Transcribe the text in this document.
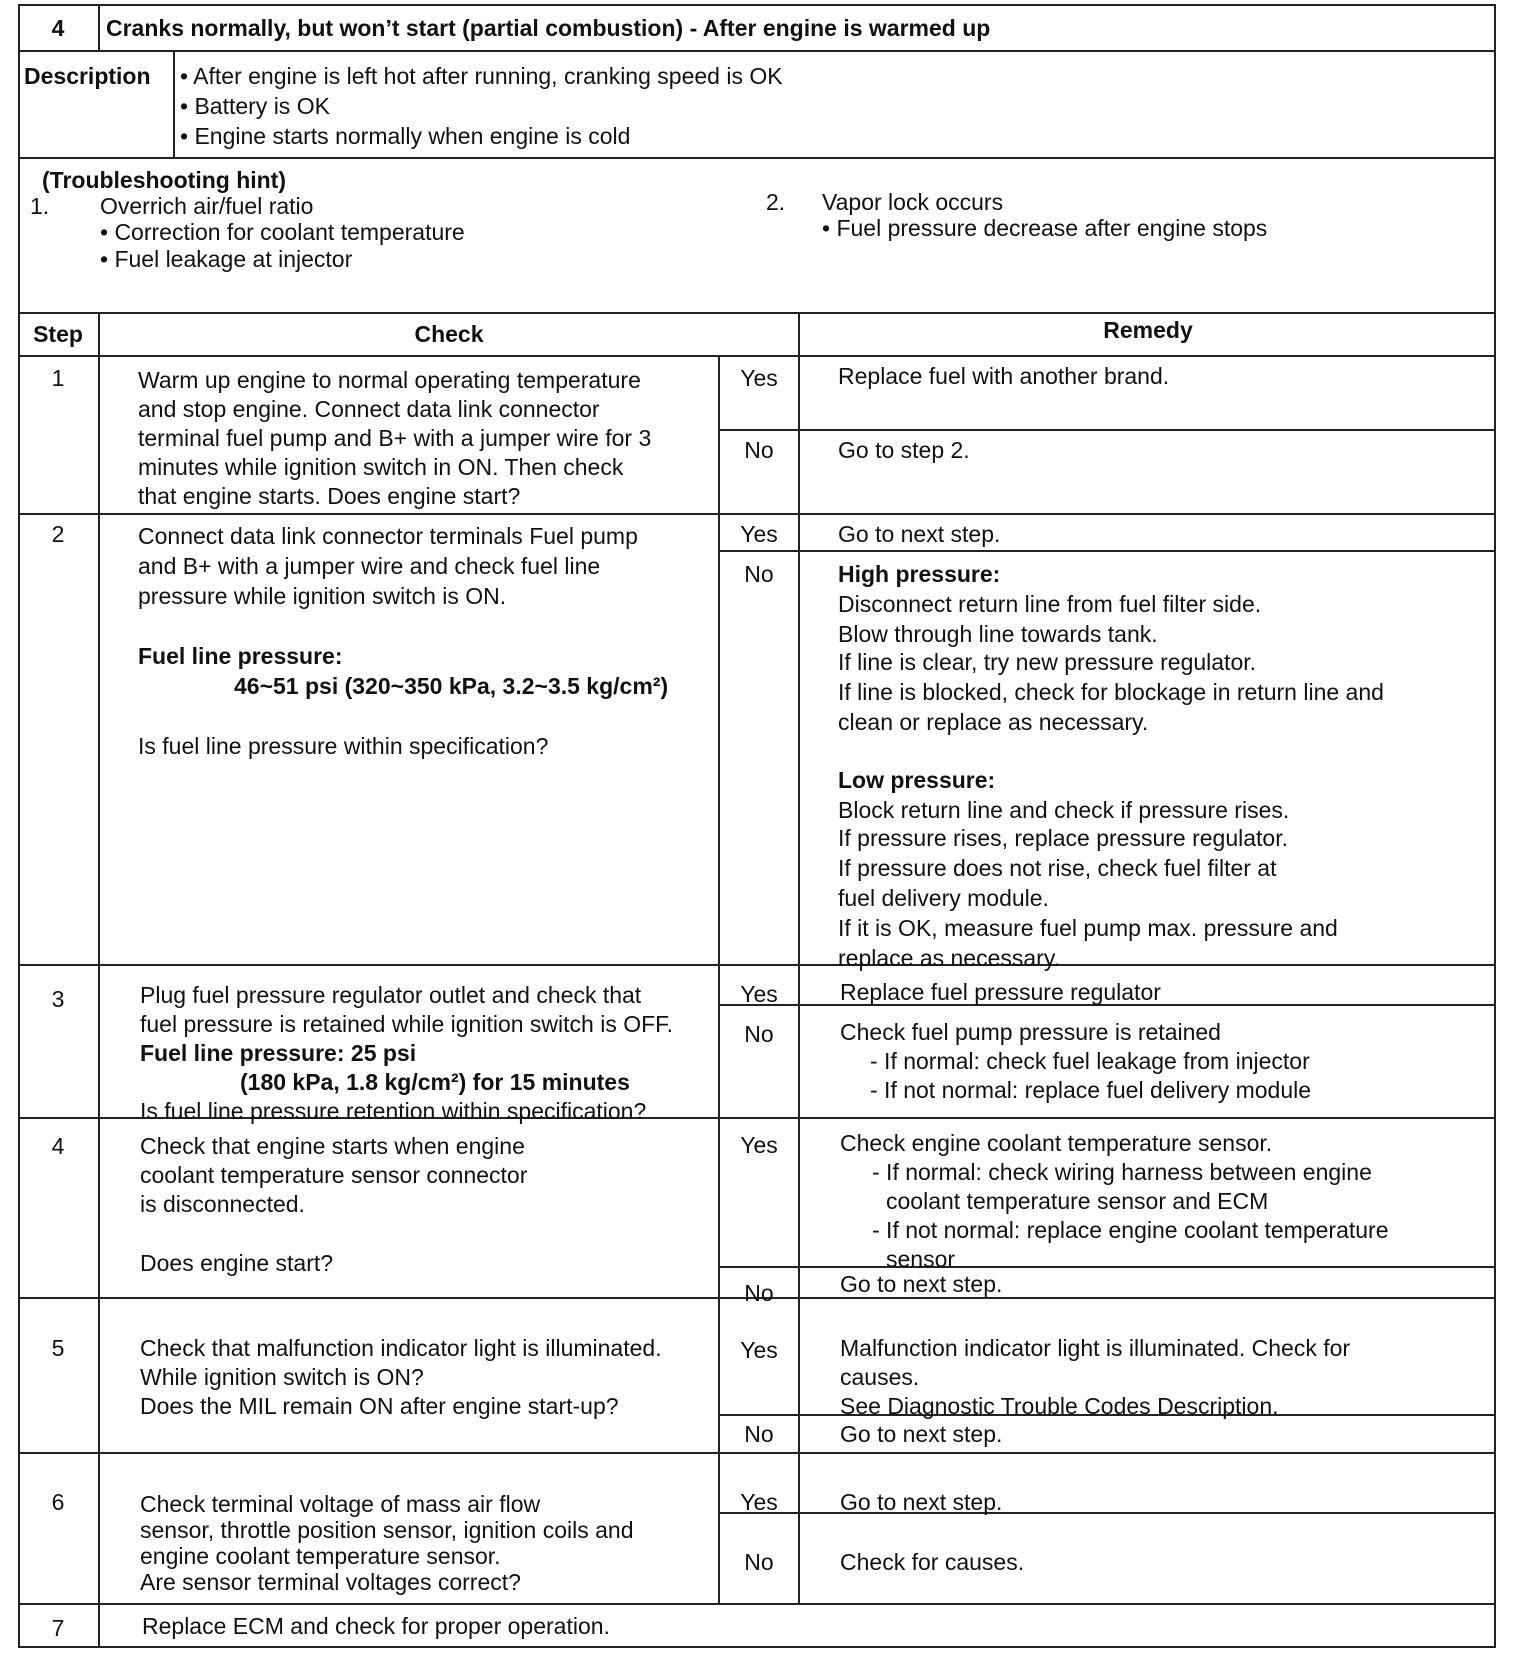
4	Cranks normally, but won’t start (partial combustion) - After engine is warmed up
Description • After engine is left hot after running, cranking speed is OK
• Battery is OK
• Engine starts normally when engine is cold
(Troubleshooting hint)
1. Overrich air/fuel ratio
• Correction for coolant temperature
• Fuel leakage at injector
2. Vapor lock occurs
• Fuel pressure decrease after engine stops
Step	Check	Remedy
1	Warm up engine to normal operating temperature
and stop engine. Connect data link connector
terminal fuel pump and B+ with a jumper wire for 3
minutes while ignition switch in ON. Then check
that engine starts. Does engine start?
Yes	Replace fuel with another brand.
No	Go to step 2.
2	Connect data link connector terminals Fuel pump
and B+ with a jumper wire and check fuel line
pressure while ignition switch is ON.
Fuel line pressure:
46~51 psi (320~350 kPa, 3.2~3.5 kg/cm²)
Is fuel line pressure within specification?
Yes	Go to next step.
No	High pressure:
Disconnect return line from fuel filter side.
Blow through line towards tank.
If line is clear, try new pressure regulator.
If line is blocked, check for blockage in return line and
clean or replace as necessary.
Low pressure:
Block return line and check if pressure rises.
If pressure rises, replace pressure regulator.
If pressure does not rise, check fuel filter at
fuel delivery module.
If it is OK, measure fuel pump max. pressure and
replace as necessary.
3	Plug fuel pressure regulator outlet and check that
fuel pressure is retained while ignition switch is OFF.
Fuel line pressure: 25 psi
(180 kPa, 1.8 kg/cm²) for 15 minutes
Is fuel line pressure retention within specification?
Yes	Replace fuel pressure regulator
No	Check fuel pump pressure is retained
- If normal: check fuel leakage from injector
- If not normal: replace fuel delivery module
4	Check that engine starts when engine
coolant temperature sensor connector
is disconnected.
Does engine start?
Yes	Check engine coolant temperature sensor.
- If normal: check wiring harness between engine
coolant temperature sensor and ECM
- If not normal: replace engine coolant temperature
sensor
No	Go to next step.
5	Check that malfunction indicator light is illuminated.
While ignition switch is ON?
Does the MIL remain ON after engine start-up?
Yes	Malfunction indicator light is illuminated. Check for
causes.
See Diagnostic Trouble Codes Description.
No	Go to next step.
6	Check terminal voltage of mass air flow
sensor, throttle position sensor, ignition coils and
engine coolant temperature sensor.
Are sensor terminal voltages correct?
Yes	Go to next step.
No	Check for causes.
7	Replace ECM and check for proper operation.
